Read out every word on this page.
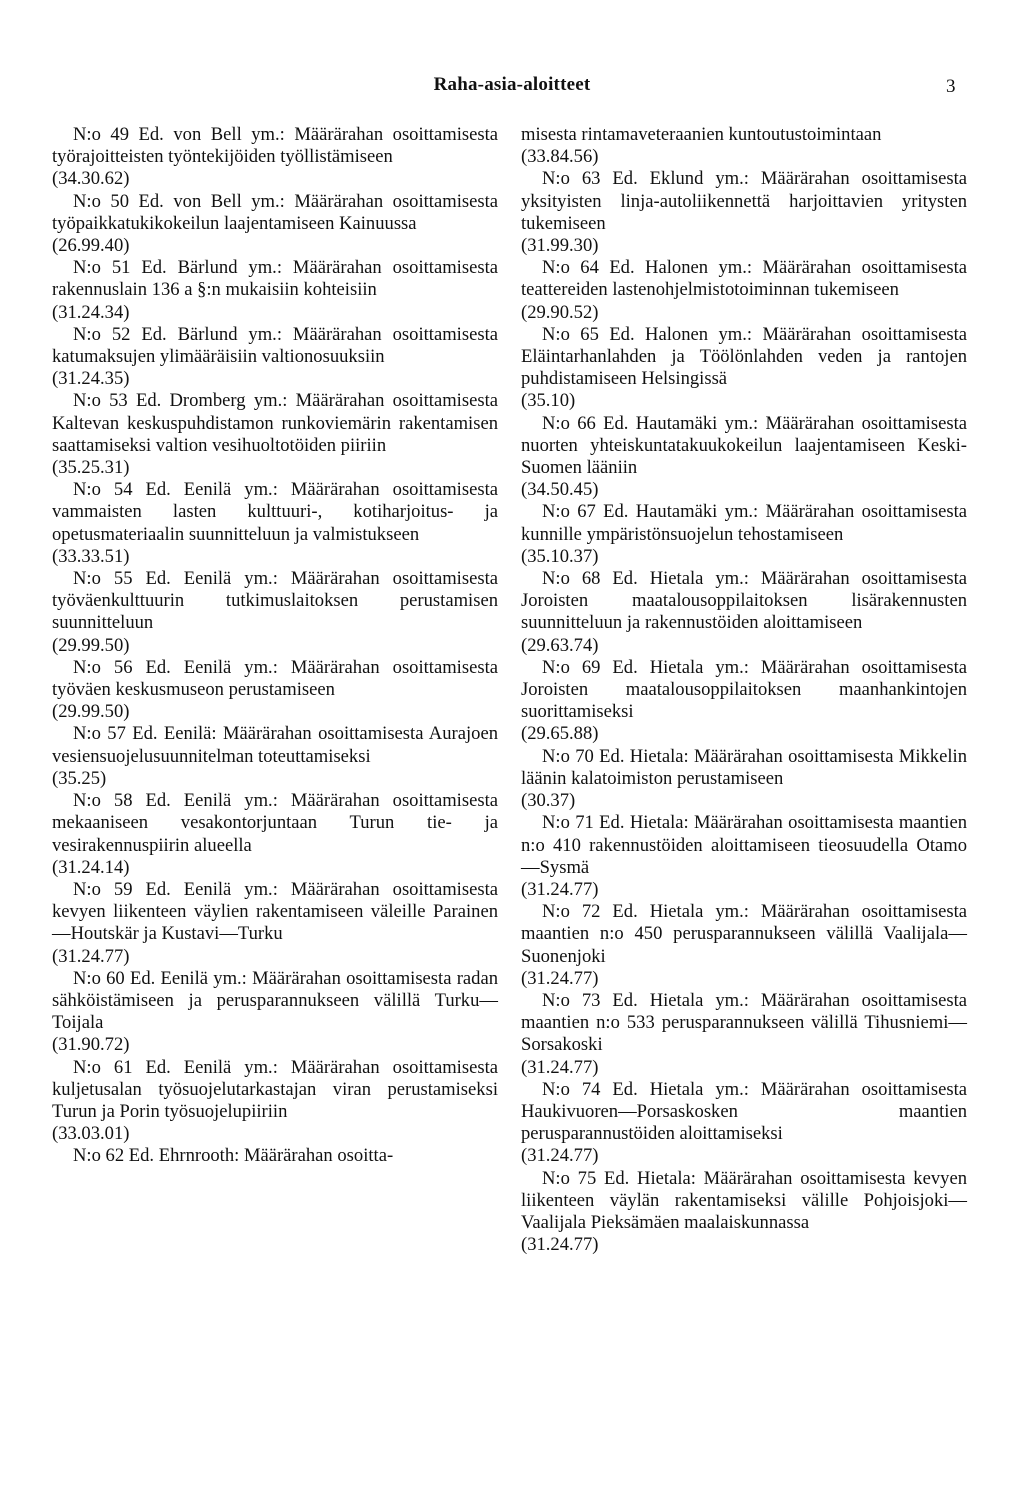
Raha-asia-aloitteet	3

N:o 49 Ed. von Bell ym.: Määrärahan osoittamisesta työrajoitteisten työntekijöiden työllistämiseen

(34.30.62)

N:o 50 Ed. von Bell ym.: Määrärahan osoittamisesta työpaikkatukikokeilun laajentamiseen Kainuussa

(26.99.40)

N:o 51 Ed. Bärlund ym.: Määrärahan osoittamisesta rakennuslain 136 a §:n mukaisiin kohteisiin

(31.24.34)

N:o 52 Ed. Bärlund ym.: Määrärahan osoittamisesta katumaksujen ylimääräisiin valtionosuuksiin

(31.24.35)

N:o 53 Ed. Dromberg ym.: Määrärahan osoittamisesta Kaltevan keskuspuhdistamon runkoviemärin rakentamisen saattamiseksi valtion vesihuoltotöiden piiriin

(35.25.31)

N:o 54 Ed. Eenilä ym.: Määrärahan osoittamisesta vammaisten lasten kulttuuri-, kotiharjoitus- ja opetusmateriaalin suunnitteluun ja valmistukseen

(33.33.51)

N:o 55 Ed. Eenilä ym.: Määrärahan osoittamisesta työväenkulttuurin tutkimuslaitoksen perustamisen suunnitteluun

(29.99.50)

N:o 56 Ed. Eenilä ym.: Määrärahan osoittamisesta työväen keskusmuseon perustamiseen

(29.99.50)

N:o 57 Ed. Eenilä: Määrärahan osoittamisesta Aurajoen vesiensuojelusuunnitelman toteuttamiseksi

(35.25)

N:o 58 Ed. Eenilä ym.: Määrärahan osoittamisesta mekaaniseen vesakontorjuntaan Turun tie- ja vesirakennuspiirin alueella

(31.24.14)

N:o 59 Ed. Eenilä ym.: Määrärahan osoittamisesta kevyen liikenteen väylien rakentamiseen väleille Parainen—Houtskär ja Kustavi—Turku

(31.24.77)

N:o 60 Ed. Eenilä ym.: Määrärahan osoittamisesta radan sähköistämiseen ja perusparannukseen välillä Turku—Toijala

(31.90.72)

N:o 61 Ed. Eenilä ym.: Määrärahan osoittamisesta kuljetusalan työsuojelutarkastajan viran perustamiseksi Turun ja Porin työsuojelupiiriin

(33.03.01)

N:o 62 Ed. Ehrnrooth: Määrärahan osoitta-

misesta rintamaveteraanien kuntoutustoimintaan

(33.84.56)

N:o 63 Ed. Eklund ym.: Määrärahan osoittamisesta yksityisten linja-autoliikennettä harjoittavien yritysten tukemiseen

(31.99.30)

N:o 64 Ed. Halonen ym.: Määrärahan osoittamisesta teattereiden lastenohjelmistotoiminnan tukemiseen

(29.90.52)

N:o 65 Ed. Halonen ym.: Määrärahan osoittamisesta Eläintarhanlahden ja Töölönlahden veden ja rantojen puhdistamiseen Helsingissä

(35.10)

N:o 66 Ed. Hautamäki ym.: Määrärahan osoittamisesta nuorten yhteiskuntatakuukokeilun laajentamiseen Keski-Suomen lääniin

(34.50.45)

N:o 67 Ed. Hautamäki ym.: Määrärahan osoittamisesta kunnille ympäristönsuojelun tehostamiseen

(35.10.37)

N:o 68 Ed. Hietala ym.: Määrärahan osoittamisesta Joroisten maatalousoppilaitoksen lisärakennusten suunnitteluun ja rakennustöiden aloittamiseen

(29.63.74)

N:o 69 Ed. Hietala ym.: Määrärahan osoittamisesta Joroisten maatalousoppilaitoksen maanhankintojen suorittamiseksi

(29.65.88)

N:o 70 Ed. Hietala: Määrärahan osoittamisesta Mikkelin läänin kalatoimiston perustamiseen

(30.37)

N:o 71 Ed. Hietala: Määrärahan osoittamisesta maantien n:o 410 rakennustöiden aloittamiseen tieosuudella Otamo—Sysmä

(31.24.77)

N:o 72 Ed. Hietala ym.: Määrärahan osoittamisesta maantien n:o 450 perusparannukseen välillä Vaalijala—Suonenjoki

(31.24.77)

N:o 73 Ed. Hietala ym.: Määrärahan osoittamisesta maantien n:o 533 perusparannukseen välillä Tihusniemi—Sorsakoski

(31.24.77)

N:o 74 Ed. Hietala ym.: Määrärahan osoittamisesta Haukivuoren—Porsaskosken maantien perusparannustöiden aloittamiseksi

(31.24.77)

N:o 75 Ed. Hietala: Määrärahan osoittamisesta kevyen liikenteen väylän rakentamiseksi välille Pohjoisjoki—Vaalijala Pieksämäen maalaiskunnassa

(31.24.77)
